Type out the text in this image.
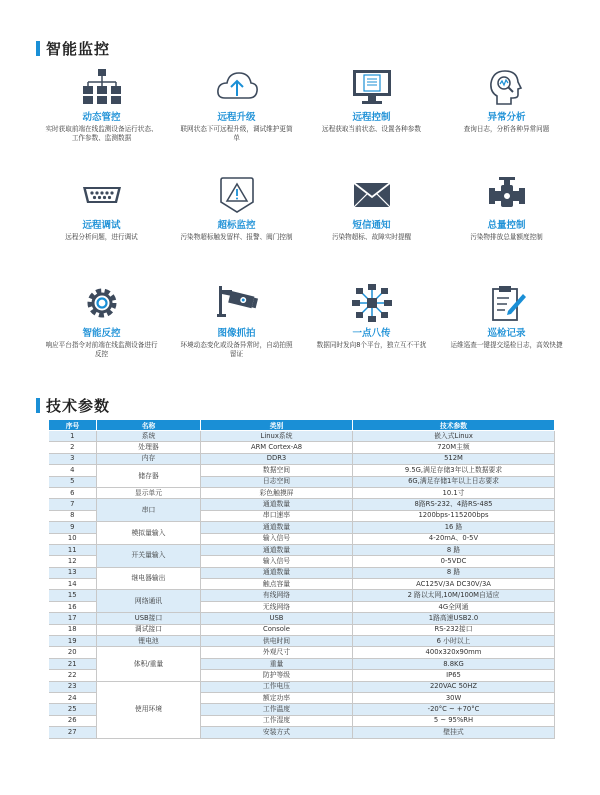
智能监控
动态管控
实时获取前端在线监测设备运行状态、工作参数、监测数据
远程升级
联网状态下可远程升级，调试维护更简单
远程控制
远程获取当前状态、设置各种参数
异常分析
查询日志，分析各种异常问题
远程调试
远程分析问题，进行调试
超标监控
污染物超标触发留样、报警、阀门控制
短信通知
污染物超标、故障实时提醒
总量控制
污染物排放总量额度控制
智能反控
响应平台指令对前端在线监测设备进行反控
图像抓拍
环境动态变化或设备异常时，自动拍照留证
一点八传
数据同时发向8个平台，独立互不干扰
巡检记录
运维巡查一键提交巡检日志，高效快捷
技术参数
序号	名称	类别	技术参数
1	系统	Linux系统	嵌入式Linux
2	处理器	ARM Cortex-A8	720M主频
3	内存	DDR3	512M
4	储存器	数据空间	9.5G,满足存储3年以上数据要求
5		日志空间	6G,满足存储1年以上日志要求
6	显示单元	彩色触摸屏	10.1寸
7	串口	通道数量	8路RS-232、4路RS-485
8		串口速率	1200bps-115200bps
9	模拟量输入	通道数量	16 路
10		输入信号	4-20mA、0-5V
11	开关量输入	通道数量	8 路
12		输入信号	0-5VDC
13	继电器输出	通道数量	8 路
14		触点容量	AC125V/3A DC30V/3A
15	网络通讯	有线网络	2 路以太网,10M/100M自适应
16		无线网络	4G全网通
17	USB接口	USB	1路高速USB2.0
18	调试接口	Console	RS-232接口
19	锂电池	供电时间	6 小时以上
20	体积/重量	外观尺寸	400x320x90mm
21		重量	8.8KG
22		防护等级	IP65
23	使用环境	工作电压	220VAC 50HZ
24		额定功率	30W
25		工作温度	-20°C ~ +70°C
26		工作湿度	5 ~ 95%RH
27		安装方式	壁挂式
